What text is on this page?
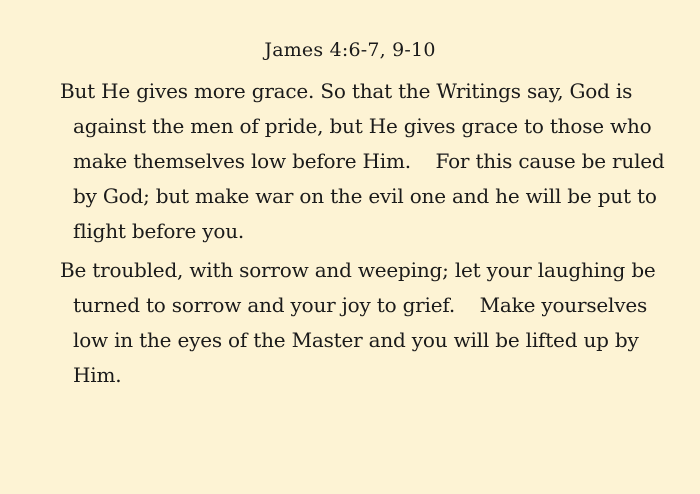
James 4:6-7, 9-10
But He gives more grace. So that the Writings say, God is
against the men of pride, but He gives grace to those who
make themselves low before Him.    For this cause be ruled
by God; but make war on the evil one and he will be put to
flight before you.
Be troubled, with sorrow and weeping; let your laughing be
turned to sorrow and your joy to grief.    Make yourselves
low in the eyes of the Master and you will be lifted up by
Him.
